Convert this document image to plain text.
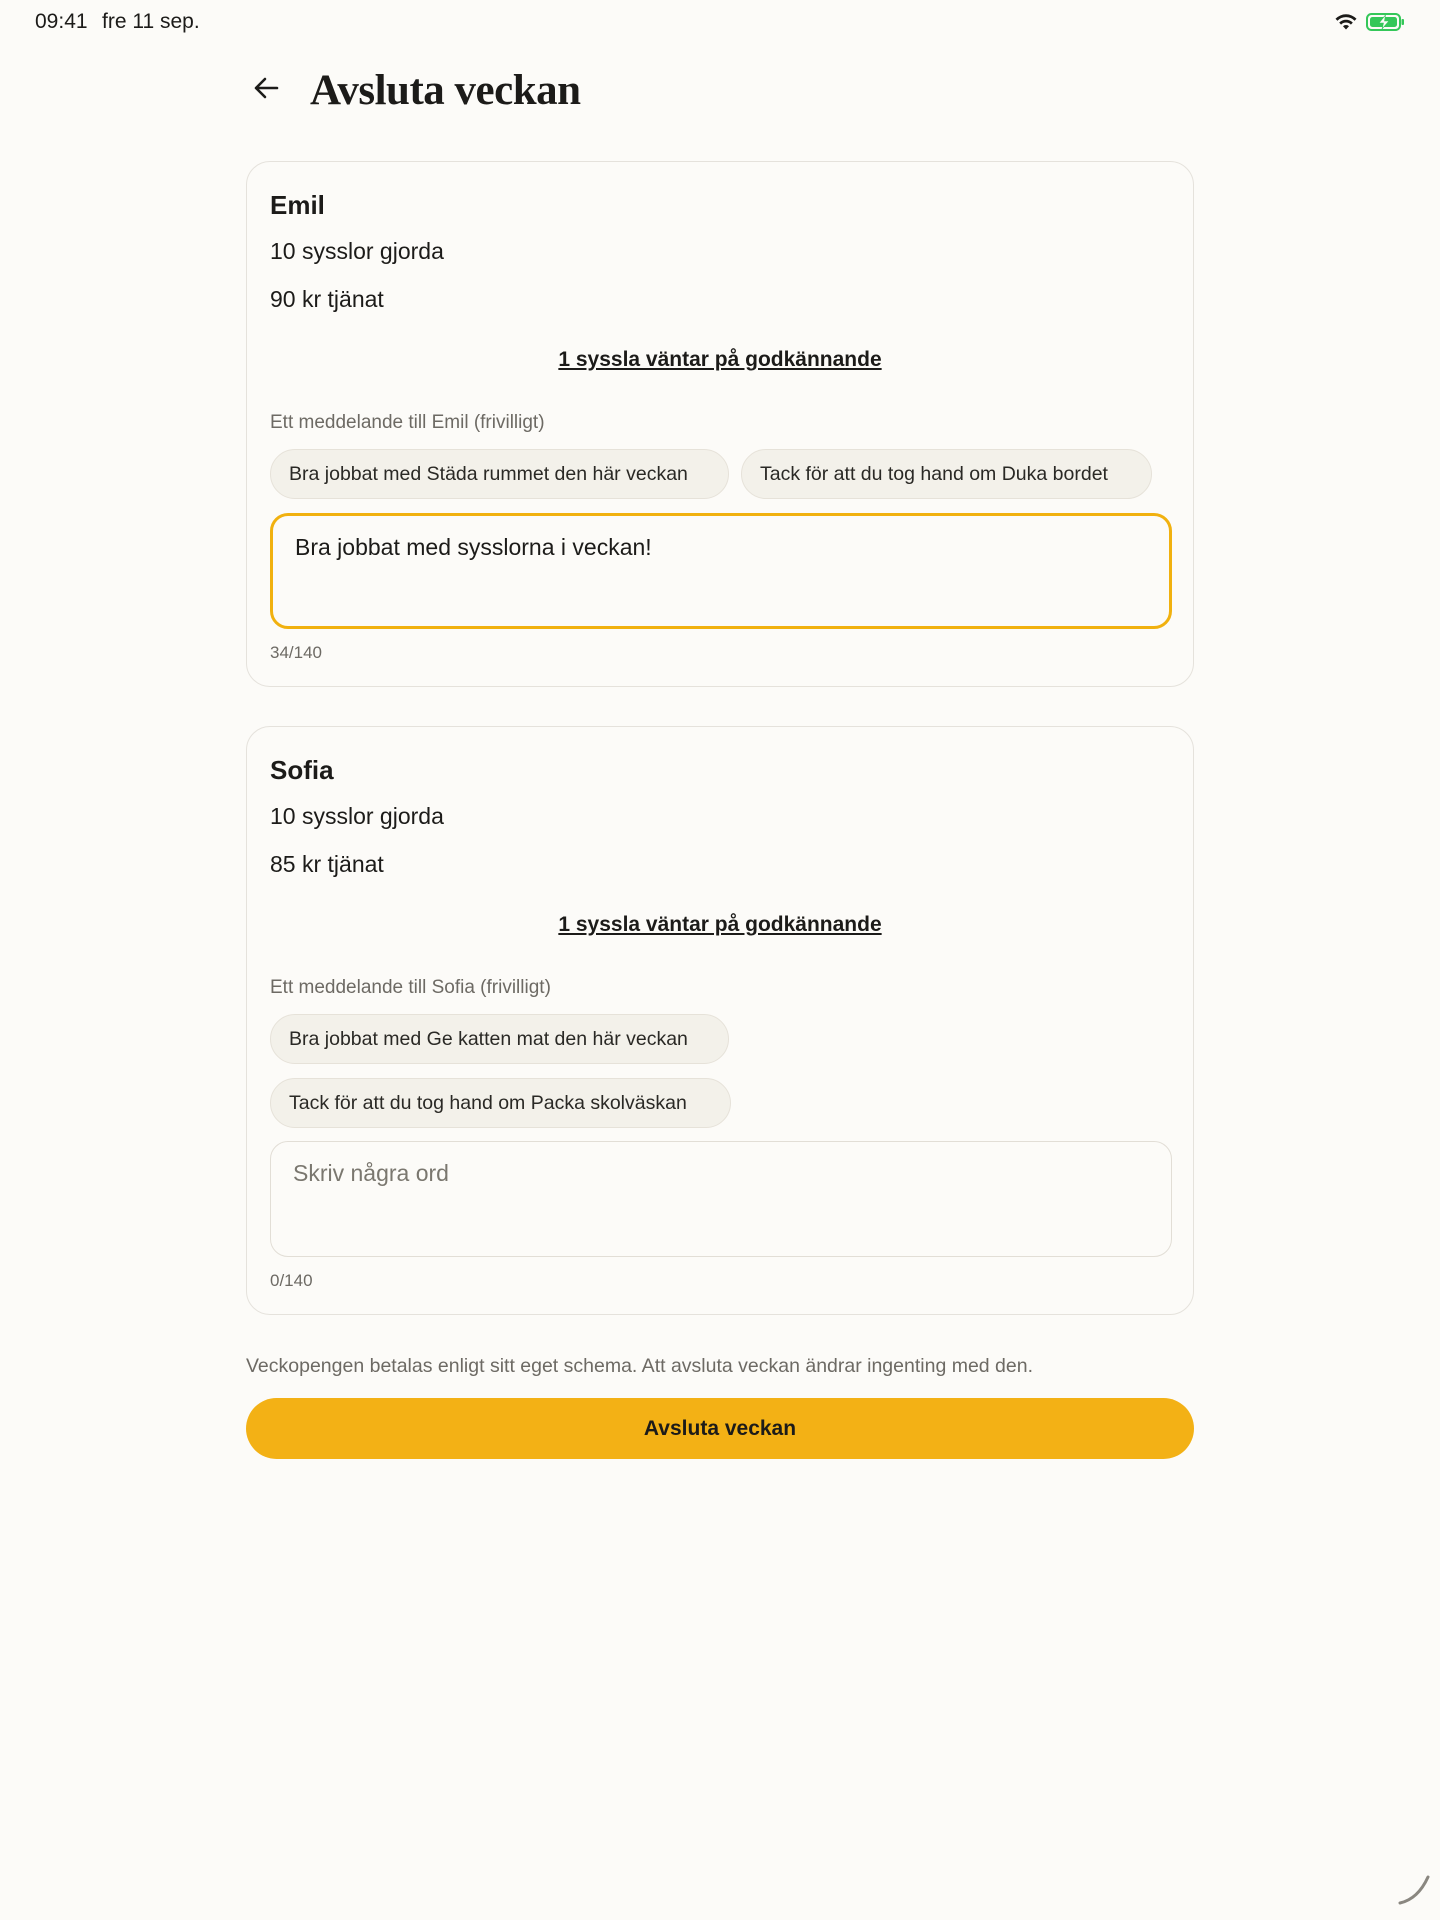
09:41 fre 11 sep.
Avsluta veckan
Emil
10 sysslor gjorda
90 kr tjänat
1 syssla väntar på godkännande
Ett meddelande till Emil (frivilligt)
Bra jobbat med Städa rummet den här veckan	Tack för att du tog hand om Duka bordet
Bra jobbat med sysslorna i veckan!
34/140
Sofia
10 sysslor gjorda
85 kr tjänat
1 syssla väntar på godkännande
Ett meddelande till Sofia (frivilligt)
Bra jobbat med Ge katten mat den här veckan
Tack för att du tog hand om Packa skolväskan
Skriv några ord
0/140
Veckopengen betalas enligt sitt eget schema. Att avsluta veckan ändrar ingenting med den.
Avsluta veckan
